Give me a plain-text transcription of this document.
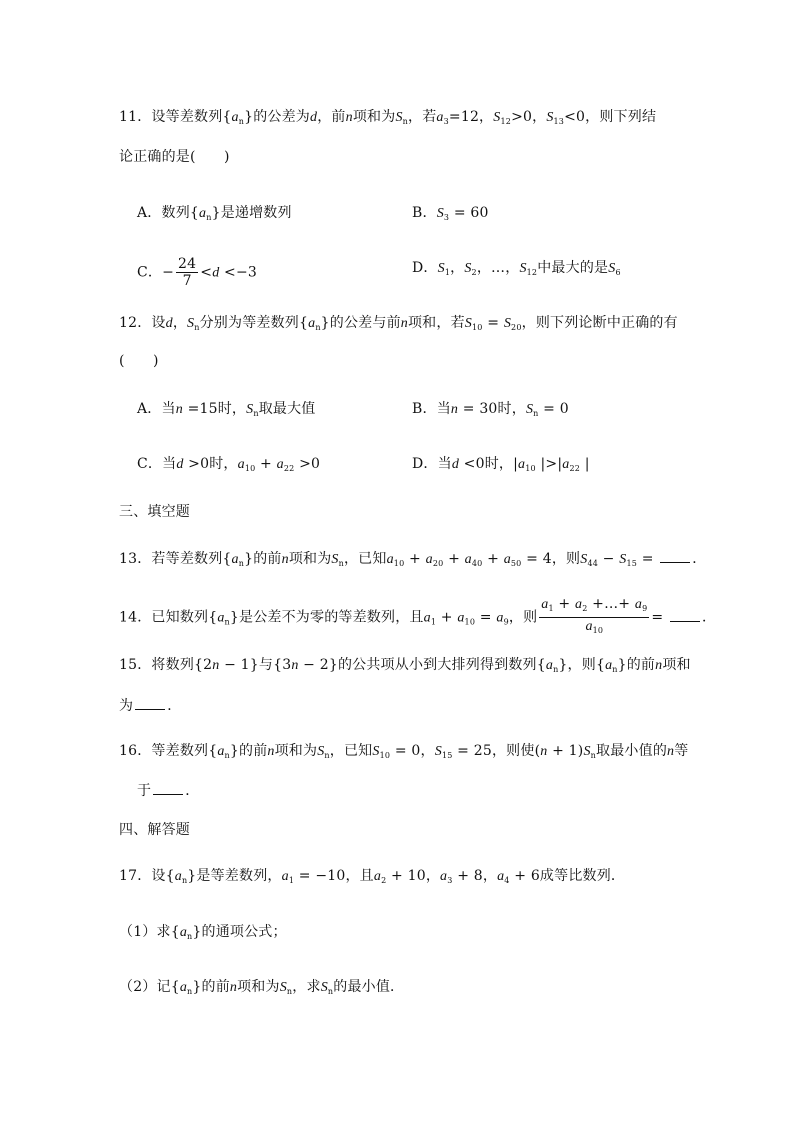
11．设等差数列$\{a_n\}$的公差为d，前n项和为$S_n$，若$a_3=12$，$S_{12}>0$，$S_{13}<0$，则下列结
论正确的是(　　)
A．数列$\{a_n\}$是递增数列	B．$S_3 = 60$
C．− $\frac{24}{7} <d <-3$	D．$S_1$，$S_2$，…，$S_{12}$中最大的是$S_6$
12．设d，$S_n$分别为等差数列$\{a_n\}$的公差与前n项和，若$S_{10} = S_{20}$，则下列论断中正确的有
(　　)
A．当n =15时，$S_n$取最大值	B．当n = 30时，$S_n = 0$
C．当d >0时，$a_{10} + a_{22} >0$	D．当d <0时，$|a_{10}$ $|>|a_{22}$ |
三、填空题
13．若等差数列$\{a_n\}$的前n项和为$S_n$，已知$a_{10} + a_{20} + a_{40} + a_{50} = 4$，则$S_{44} - S_{15}$ = ．
14．已知数列$\{a_n\}$是公差不为零的等差数列，且$a_1 + a_{10} = a_9$，则 $\frac{a_1 + a_2 +\dots+ a_9}{a_{10}}$ = ．
15．将数列{2n − 1}与{3n − 2}的公共项从小到大排列得到数列$\{a_n\}$，则$\{a_n\}$的前n项和
为 ．
16．等差数列$\{a_n\}$的前n项和为$S_n$，已知$S_{10} = 0$，$S_{15} = 25$，则使$(n + 1)S_n$取最小值的n等
于 ．
四、解答题
17．设$\{a_n\}$是等差数列，$a_1 = -10$，且$a_2 + 10$，$a_3 + 8$，$a_4 + 6$成等比数列．
（1）求$\{a_n\}$的通项公式；
（2）记$\{a_n\}$的前n项和为$S_n$，求$S_n$的最小值．
